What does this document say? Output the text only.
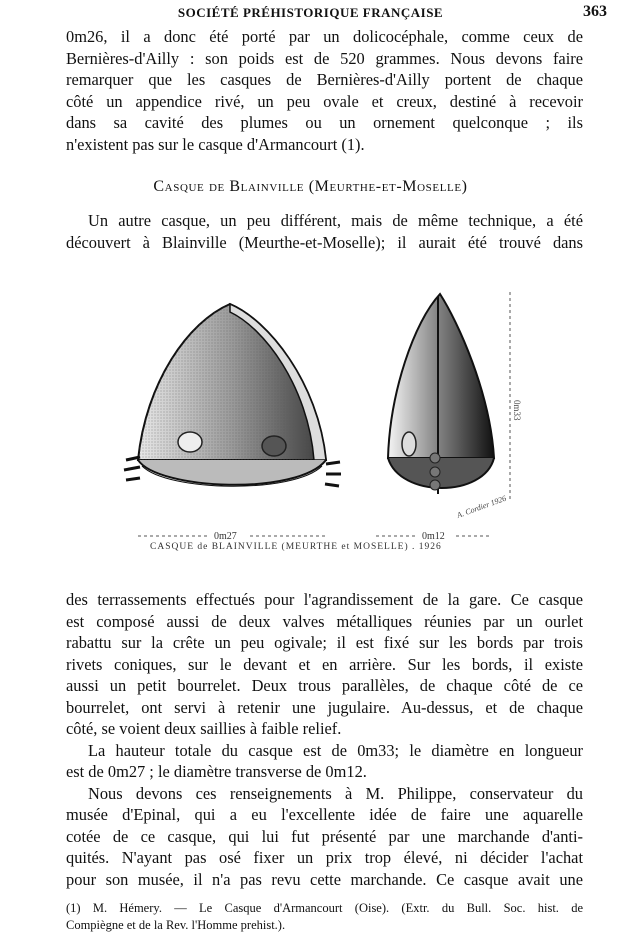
SOCIÉTÉ PRÉHISTORIQUE FRANÇAISE	363
0m26, il a donc été porté par un dolicocéphale, comme ceux de
Bernières-d'Ailly : son poids est de 520 grammes. Nous devons faire
remarquer que les casques de Bernières-d'Ailly portent de chaque
côté un appendice rivé, un peu ovale et creux, destiné à recevoir
dans sa cavité des plumes ou un ornement quelconque ; ils
n'existent pas sur le casque d'Armancourt (1).
Casque de Blainville (Meurthe-et-Moselle)
Un autre casque, un peu différent, mais de même technique, a été
découvert à Blainville (Meurthe-et-Moselle); il aurait été trouvé dans
0m33
0m27	0m12
A. Cordier 1926
CASQUE de BLAINVILLE (MEURTHE et MOSELLE) . 1926
des terrassements effectués pour l'agrandissement de la gare. Ce casque
est composé aussi de deux valves métalliques réunies par un ourlet
rabattu sur la crête un peu ogivale; il est fixé sur les bords par trois
rivets coniques, sur le devant et en arrière. Sur les bords, il existe
aussi un petit bourrelet. Deux trous parallèles, de chaque côté de ce
bourrelet, ont servi à retenir une jugulaire. Au-dessus, et de chaque
côté, se voient deux saillies à faible relief.
La hauteur totale du casque est de 0m33; le diamètre en longueur
est de 0m27 ; le diamètre transverse de 0m12.
Nous devons ces renseignements à M. Philippe, conservateur du
musée d'Epinal, qui a eu l'excellente idée de faire une aquarelle
cotée de ce casque, qui lui fut présenté par une marchande d'anti-
quités. N'ayant pas osé fixer un prix trop élevé, ni décider l'achat
pour son musée, il n'a pas revu cette marchande. Ce casque avait une
(1) M. Hémery. — Le Casque d'Armancourt (Oise). (Extr. du Bull. Soc. hist. de
Compiègne et de la Rev. l'Homme prehist.).
